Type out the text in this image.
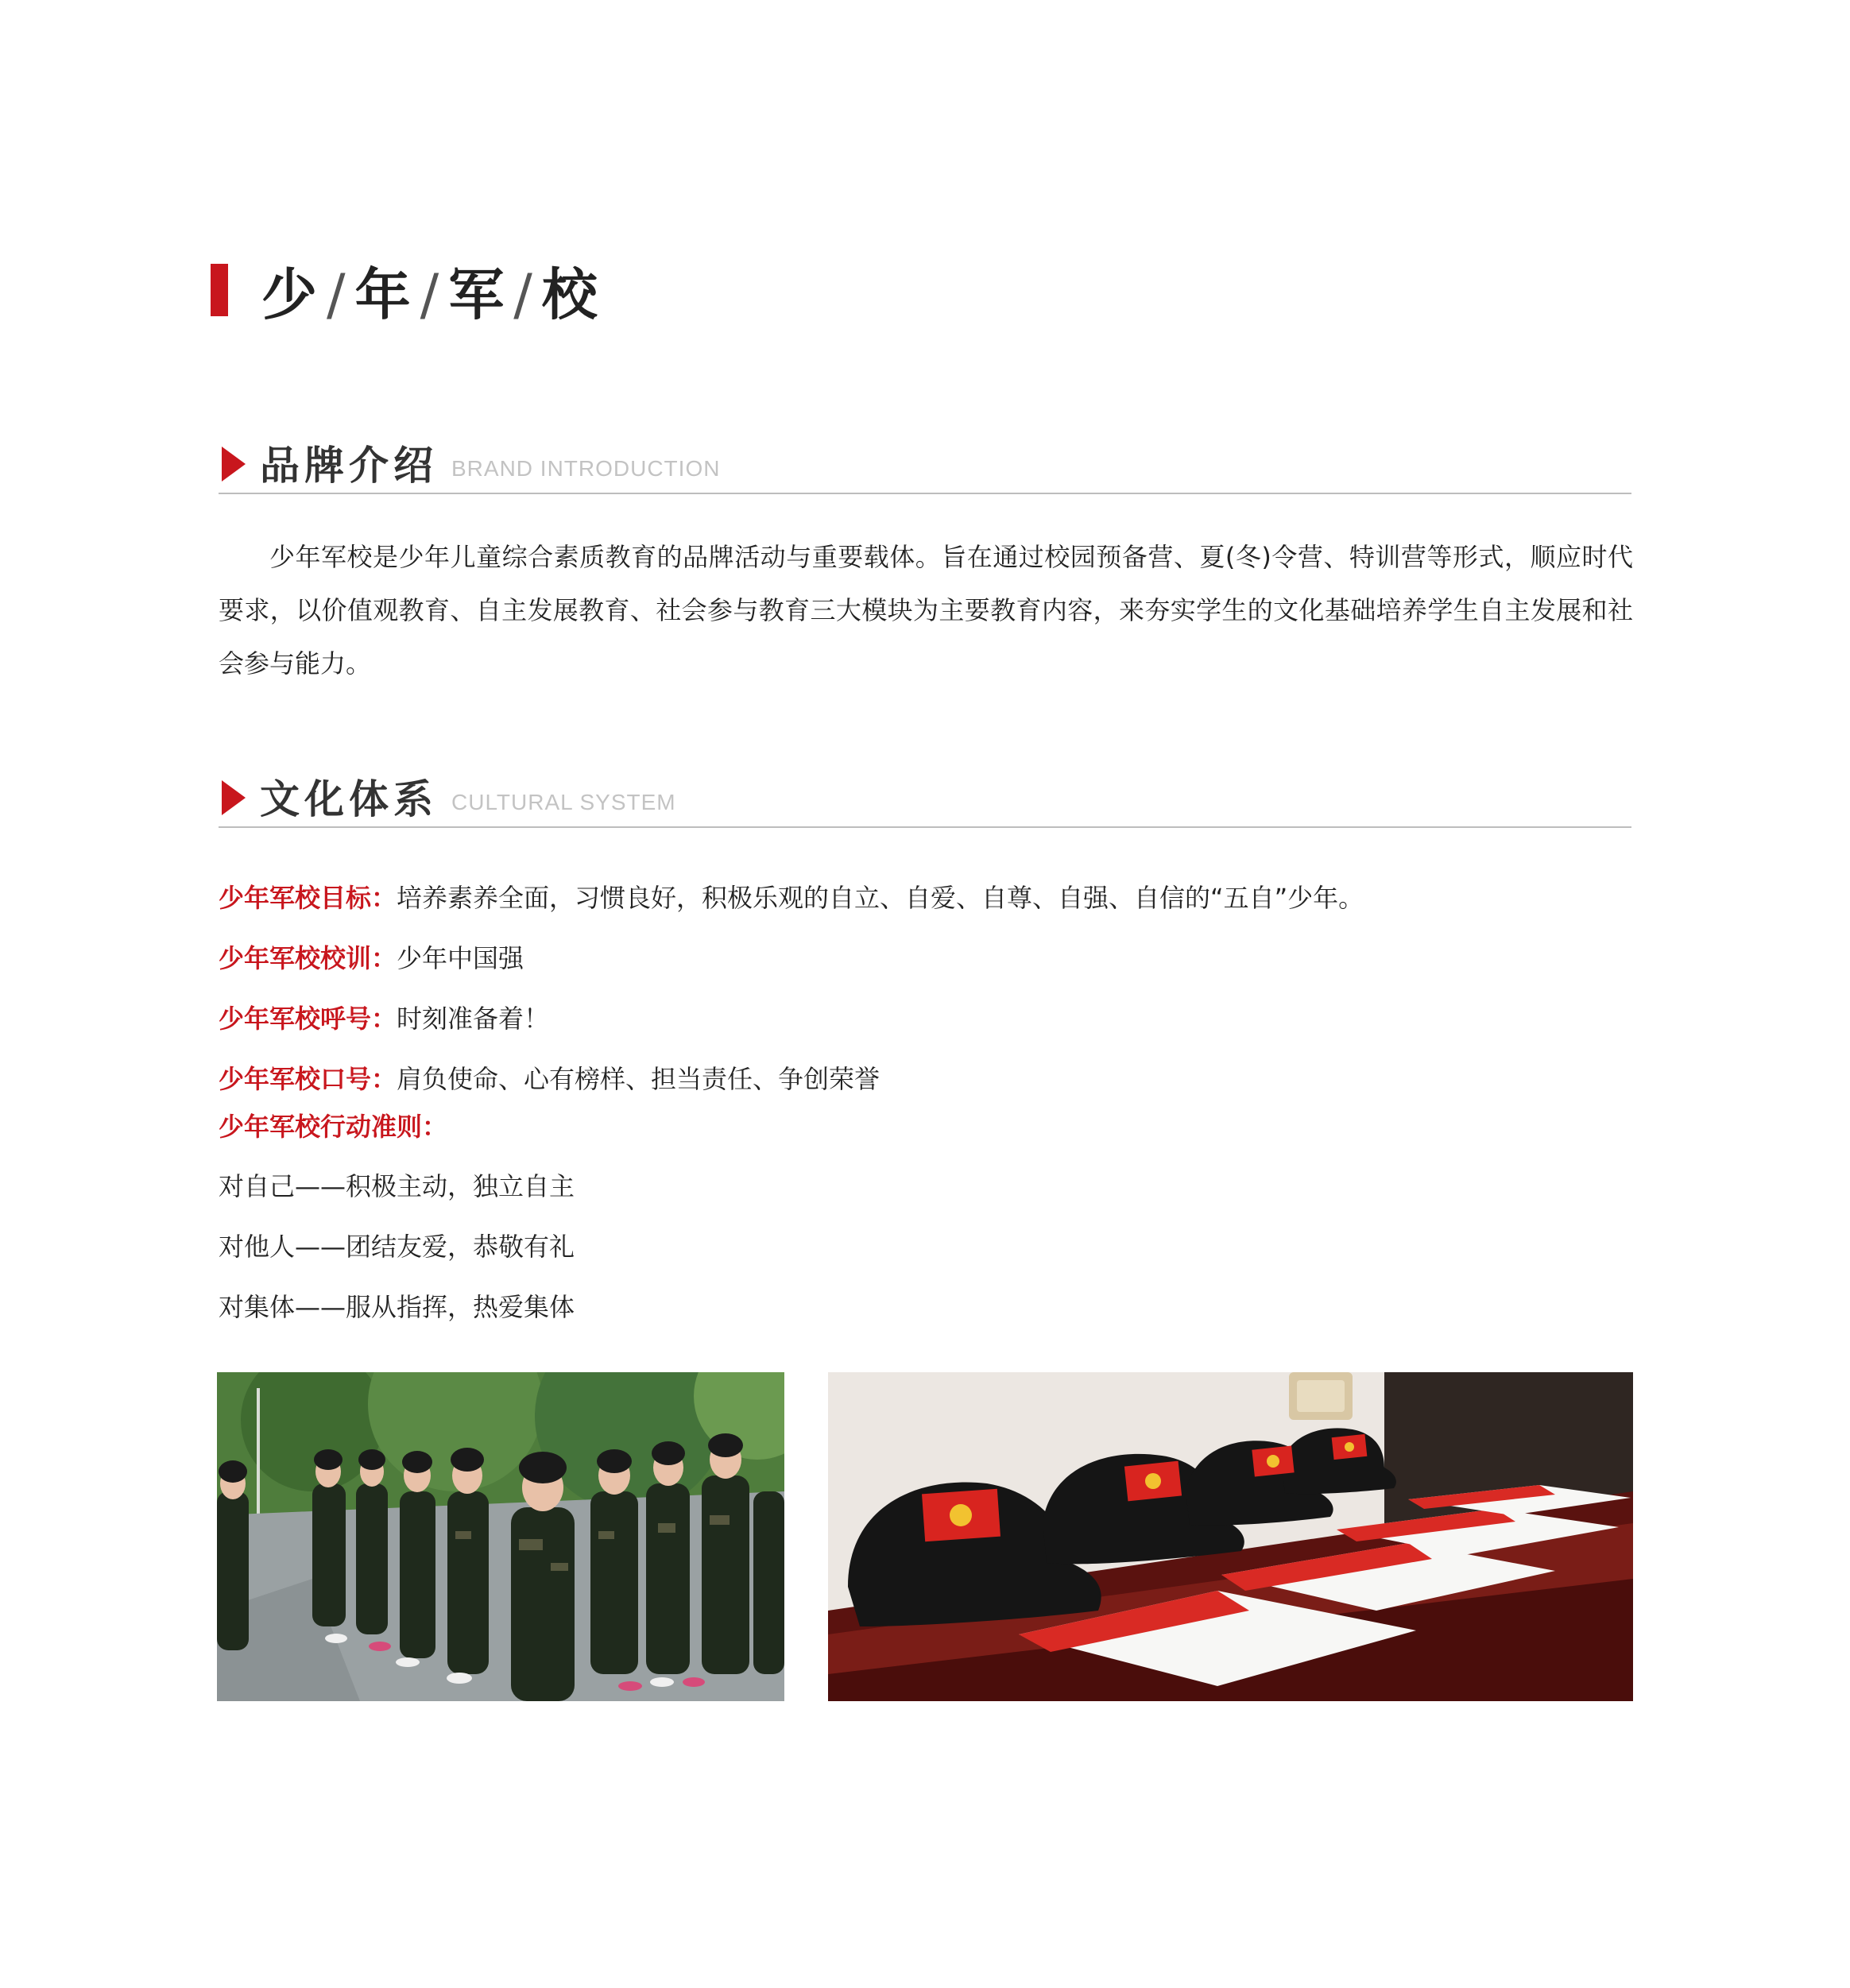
少 / 年 / 军 / 校
品牌介绍 BRAND INTRODUCTION

少年军校是少年儿童综合素质教育的品牌活动与重要载体。旨在通过校园预备营、夏(冬)令营、特训营等形式，顺应时代要求，以价值观教育、自主发展教育、社会参与教育三大模块为主要教育内容，来夯实学生的文化基础培养学生自主发展和社会参与能力。

文化体系 CULTURAL SYSTEM
少年军校目标：培养素养全面，习惯良好，积极乐观的自立、自爱、自尊、自强、自信的“五自”少年。
少年军校校训：少年中国强
少年军校呼号：时刻准备着！
少年军校口号：肩负使命、心有榜样、担当责任、争创荣誉
少年军校行动准则：
对自己——积极主动，独立自主
对他人——团结友爱，恭敬有礼
对集体——服从指挥，热爱集体
